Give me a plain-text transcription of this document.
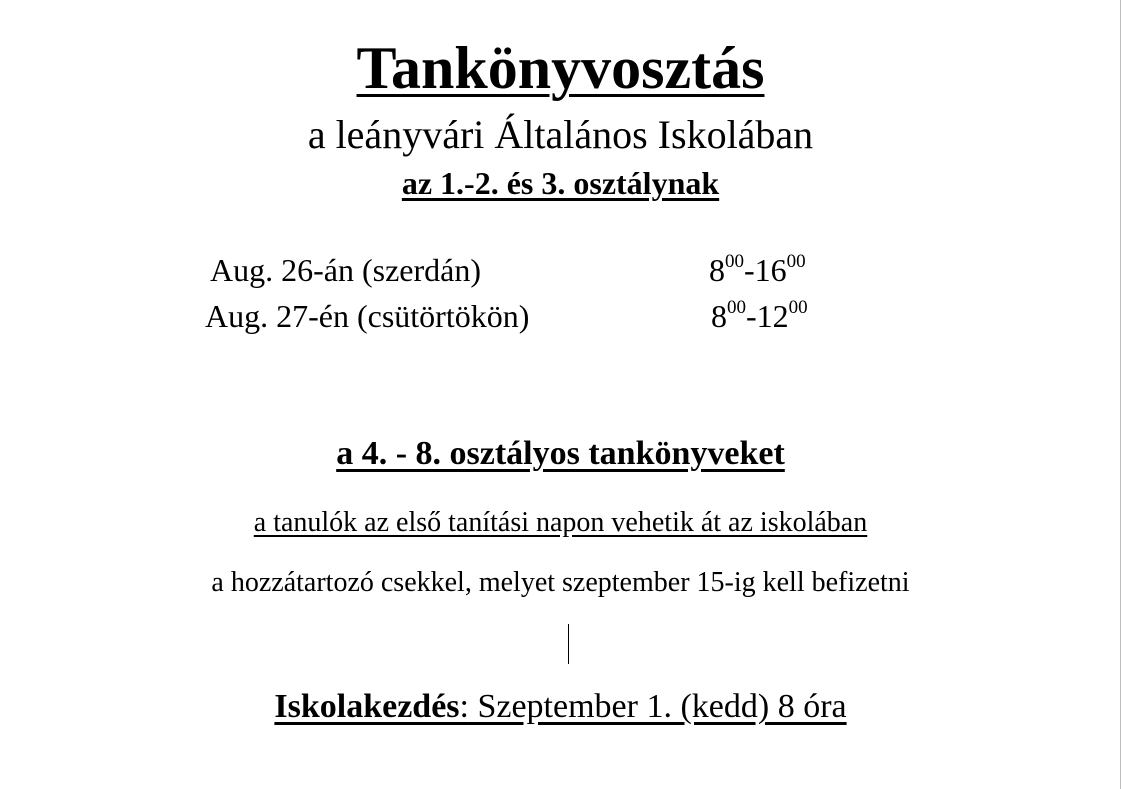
Tankönyvosztás
a leányvári Általános Iskolában
az 1.-2. és 3. osztálynak
Aug. 26-án (szerdán)	$8^{00}-16^{00}$
Aug. 27-én (csütörtökön)	$8^{00}-12^{00}$
a 4. - 8. osztályos tankönyveket
a tanulók az első tanítási napon vehetik át az iskolában
a hozzátartozó csekkel, melyet szeptember 15-ig kell befizetni
Iskolakezdés: Szeptember 1. (kedd) 8 óra
